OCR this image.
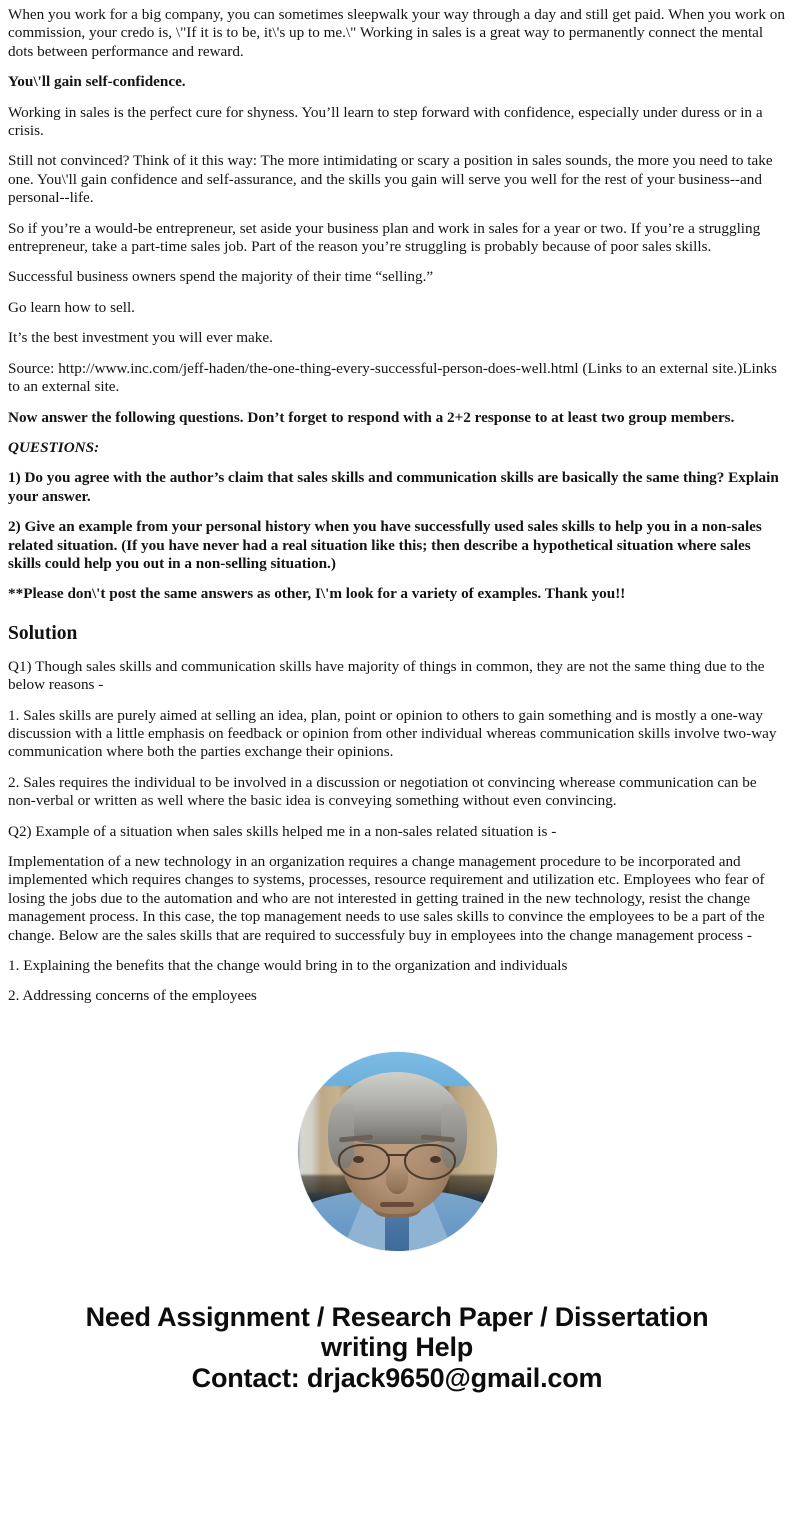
When you work for a big company, you can sometimes sleepwalk your way through a day and still get paid. When you work on commission, your credo is, \"If it is to be, it\'s up to me.\" Working in sales is a great way to permanently connect the mental dots between performance and reward.

You\'ll gain self-confidence.

Working in sales is the perfect cure for shyness. You’ll learn to step forward with confidence, especially under duress or in a crisis.

Still not convinced? Think of it this way: The more intimidating or scary a position in sales sounds, the more you need to take one. You\'ll gain confidence and self-assurance, and the skills you gain will serve you well for the rest of your business--and personal--life.

So if you’re a would-be entrepreneur, set aside your business plan and work in sales for a year or two. If you’re a struggling entrepreneur, take a part-time sales job. Part of the reason you’re struggling is probably because of poor sales skills.

Successful business owners spend the majority of their time “selling.”

Go learn how to sell.

It’s the best investment you will ever make.

Source: http://www.inc.com/jeff-haden/the-one-thing-every-successful-person-does-well.html (Links to an external site.)Links to an external site.

Now answer the following questions. Don’t forget to respond with a 2+2 response to at least two group members.

QUESTIONS:

1) Do you agree with the author’s claim that sales skills and communication skills are basically the same thing? Explain your answer.

2) Give an example from your personal history when you have successfully used sales skills to help you in a non-sales related situation. (If you have never had a real situation like this; then describe a hypothetical situation where sales skills could help you out in a non-selling situation.)

**Please don\'t post the same answers as other, I\'m look for a variety of examples. Thank you!!

Solution

Q1) Though sales skills and communication skills have majority of things in common, they are not the same thing due to the below reasons -

1. Sales skills are purely aimed at selling an idea, plan, point or opinion to others to gain something and is mostly a one-way discussion with a little emphasis on feedback or opinion from other individual whereas communication skills involve two-way communication where both the parties exchange their opinions.

2. Sales requires the individual to be involved in a discussion or negotiation ot convincing wherease communication can be non-verbal or written as well where the basic idea is conveying something without even convincing.

Q2) Example of a situation when sales skills helped me in a non-sales related situation is -

Implementation of a new technology in an organization requires a change management procedure to be incorporated and implemented which requires changes to systems, processes, resource requirement and utilization etc. Employees who fear of losing the jobs due to the automation and who are not interested in getting trained in the new technology, resist the change management process. In this case, the top management needs to use sales skills to convince the employees to be a part of the change. Below are the sales skills that are required to successfuly buy in employees into the change management process -

1. Explaining the benefits that the change would bring in to the organization and individuals

2. Addressing concerns of the employees

Need Assignment / Research Paper / Dissertation
writing Help
Contact: drjack9650@gmail.com
